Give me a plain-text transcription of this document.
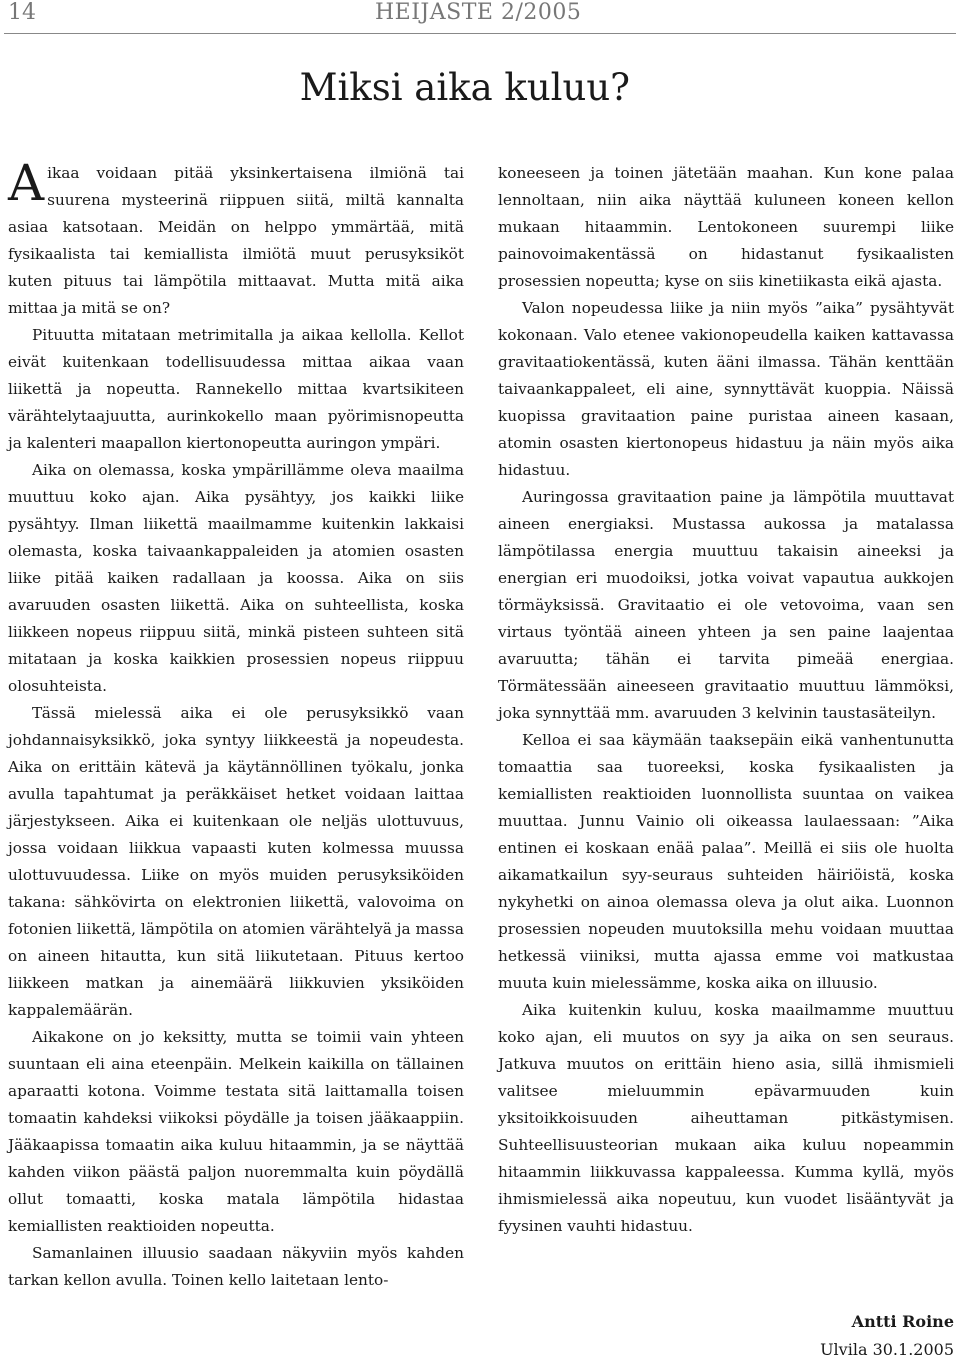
14	HEIJASTE 2/2005
Miksi aika kuluu?

Aikaa voidaan pitää yksinkertaisena ilmiönä tai suurena mysteerinä riippuen siitä, miltä kannalta asiaa katsotaan. Meidän on helppo ymmärtää, mitä fysikaalista tai kemiallista ilmiötä muut perusyksiköt kuten pituus tai lämpötila mittaavat. Mutta mitä aika mittaa ja mitä se on?

Pituutta mitataan metrimitalla ja aikaa kellolla. Kellot eivät kuitenkaan todellisuudessa mittaa aikaa vaan liikettä ja nopeutta. Rannekello mittaa kvartsikiteen värähtelytaajuutta, aurinkokello maan pyörimisnopeutta ja kalenteri maapallon kiertonopeutta auringon ympäri.

Aika on olemassa, koska ympärillämme oleva maailma muuttuu koko ajan. Aika pysähtyy, jos kaikki liike pysähtyy. Ilman liikettä maailmamme kuitenkin lakkaisi olemasta, koska taivaankappaleiden ja atomien osasten liike pitää kaiken radallaan ja koossa. Aika on siis avaruuden osasten liikettä. Aika on suhteellista, koska liikkeen nopeus riippuu siitä, minkä pisteen suhteen sitä mitataan ja koska kaikkien prosessien nopeus riippuu olosuhteista.

Tässä mielessä aika ei ole perusyksikkö vaan johdannaisyksikkö, joka syntyy liikkeestä ja nopeudesta. Aika on erittäin kätevä ja käytännöllinen työkalu, jonka avulla tapahtumat ja peräkkäiset hetket voidaan laittaa järjestykseen. Aika ei kuitenkaan ole neljäs ulottuvuus, jossa voidaan liikkua vapaasti kuten kolmessa muussa ulottuvuudessa. Liike on myös muiden perusyksiköiden takana: sähkövirta on elektronien liikettä, valovoima on fotonien liikettä, lämpötila on atomien värähtelyä ja massa on aineen hitautta, kun sitä liikutetaan. Pituus kertoo liikkeen matkan ja ainemäärä liikkuvien yksiköiden kappalemäärän.

Aikakone on jo keksitty, mutta se toimii vain yhteen suuntaan eli aina eteenpäin. Melkein kaikilla on tällainen aparaatti kotona. Voimme testata sitä laittamalla toisen tomaatin kahdeksi viikoksi pöydälle ja toisen jääkaappiin. Jääkaapissa tomaatin aika kuluu hitaammin, ja se näyttää kahden viikon päästä paljon nuoremmalta kuin pöydällä ollut tomaatti, koska matala lämpötila hidastaa kemiallisten reaktioiden nopeutta.

Samanlainen illuusio saadaan näkyviin myös kahden tarkan kellon avulla. Toinen kello laitetaan lento-

koneeseen ja toinen jätetään maahan. Kun kone palaa lennoltaan, niin aika näyttää kuluneen koneen kellon mukaan hitaammin. Lentokoneen suurempi liike painovoimakentässä on hidastanut fysikaalisten prosessien nopeutta; kyse on siis kinetiikasta eikä ajasta.

Valon nopeudessa liike ja niin myös ”aika” pysähtyvät kokonaan. Valo etenee vakionopeudella kaiken kattavassa gravitaatiokentässä, kuten ääni ilmassa. Tähän kenttään taivaankappaleet, eli aine, synnyttävät kuoppia. Näissä kuopissa gravitaation paine puristaa aineen kasaan, atomin osasten kiertonopeus hidastuu ja näin myös aika hidastuu.

Auringossa gravitaation paine ja lämpötila muuttavat aineen energiaksi. Mustassa aukossa ja matalassa lämpötilassa energia muuttuu takaisin aineeksi ja energian eri muodoiksi, jotka voivat vapautua aukkojen törmäyksissä. Gravitaatio ei ole vetovoima, vaan sen virtaus työntää aineen yhteen ja sen paine laajentaa avaruutta; tähän ei tarvita pimeää energiaa. Törmätessään aineeseen gravitaatio muuttuu lämmöksi, joka synnyttää mm. avaruuden 3 kelvinin taustasäteilyn.

Kelloa ei saa käymään taaksepäin eikä vanhentunutta tomaattia saa tuoreeksi, koska fysikaalisten ja kemiallisten reaktioiden luonnollista suuntaa on vaikea muuttaa. Junnu Vainio oli oikeassa laulaessaan: ”Aika entinen ei koskaan enää palaa”. Meillä ei siis ole huolta aikamatkailun syy-seuraus suhteiden häiriöistä, koska nykyhetki on ainoa olemassa oleva ja olut aika. Luonnon prosessien nopeuden muutoksilla mehu voidaan muuttaa hetkessä viiniksi, mutta ajassa emme voi matkustaa muuta kuin mielessämme, koska aika on illuusio.

Aika kuitenkin kuluu, koska maailmamme muuttuu koko ajan, eli muutos on syy ja aika on sen seuraus. Jatkuva muutos on erittäin hieno asia, sillä ihmismieli valitsee mieluummin epävarmuuden kuin yksitoikkoisuuden aiheuttaman pitkästymisen. Suhteellisuusteorian mukaan aika kuluu nopeammin hitaammin liikkuvassa kappaleessa. Kumma kyllä, myös ihmismielessä aika nopeutuu, kun vuodet lisääntyvät ja fyysinen vauhti hidastuu.

Antti Roine
Ulvila 30.1.2005
